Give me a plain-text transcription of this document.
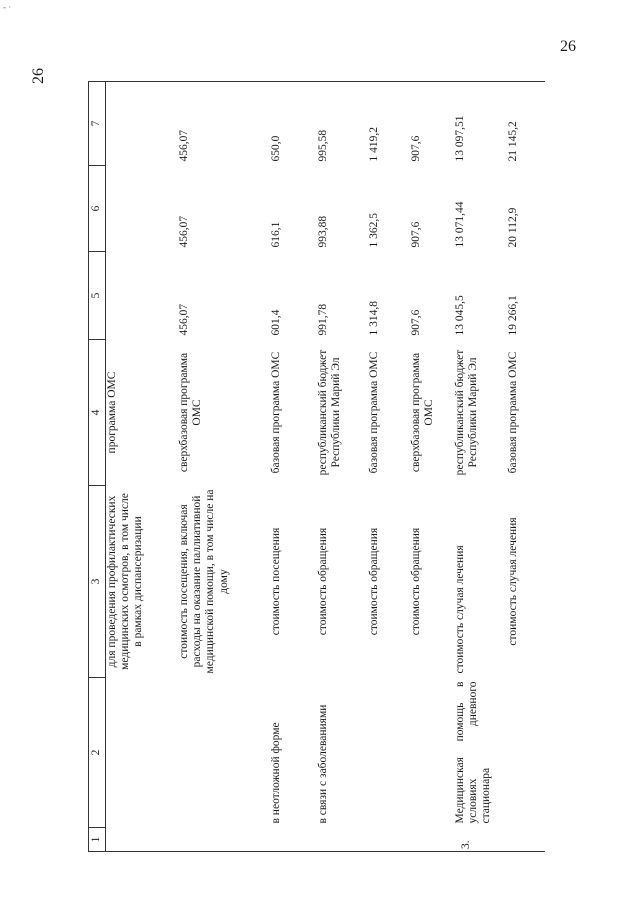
- ·
26
26
1	2	3	4	5	6	7
		для проведения профилактических медицинских осмотров, в том числе в рамках диспансеризации	программа ОМС			
		стоимость посещения, включая расходы на оказание паллиативной медицинской помощи, в том числе на дому	сверхбазовая программа ОМС	456,07	456,07	456,07
	в неотложной форме	стоимость посещения	базовая программа ОМС	601,4	616,1	650,0
	в связи с заболеваниями	стоимость обращения	республиканский бюджет Республики Марий Эл	991,78	993,88	995,58
		стоимость обращения	базовая программа ОМС	1 314,8	1 362,5	1 419,2
		стоимость обращения	сверхбазовая программа ОМС	907,6	907,6	907,6
3.	Медицинская помощь в условиях дневного стационара	стоимость случая лечения	республиканский бюджет Республики Марий Эл	13 045,5	13 071,44	13 097,51
		стоимость случая лечения	базовая программа ОМС	19 266,1	20 112,9	21 145,2
